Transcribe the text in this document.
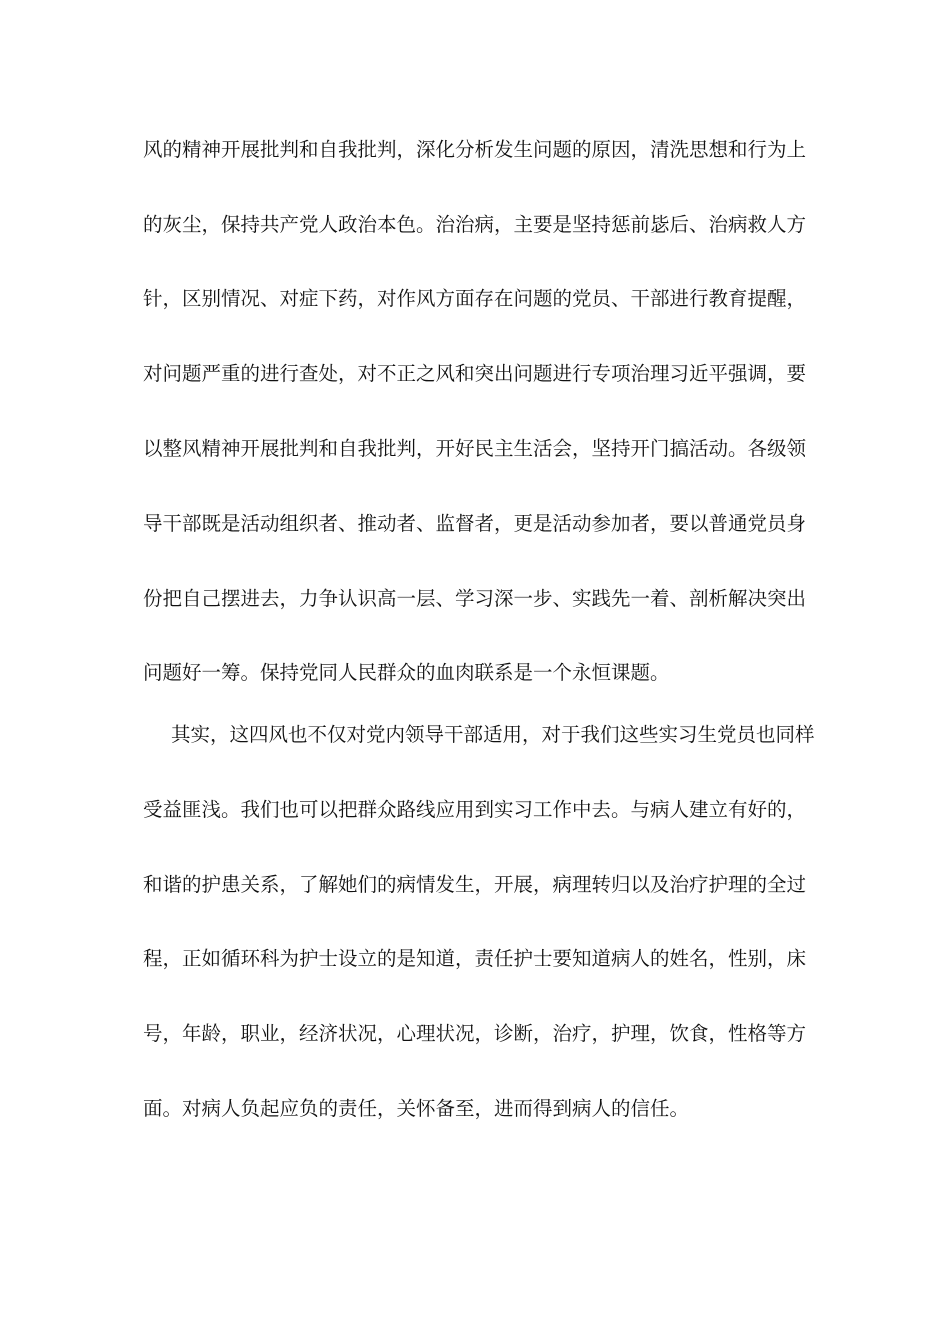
风的精神开展批判和自我批判，深化分析发生问题的原因，清洗思想和行为上
的灰尘，保持共产党人政治本色。治治病，主要是坚持惩前毖后、治病救人方
针，区别情况、对症下药，对作风方面存在问题的党员、干部进行教育提醒，
对问题严重的进行查处，对不正之风和突出问题进行专项治理习近平强调，要
以整风精神开展批判和自我批判，开好民主生活会，坚持开门搞活动。各级领
导干部既是活动组织者、推动者、监督者，更是活动参加者，要以普通党员身
份把自己摆进去，力争认识高一层、学习深一步、实践先一着、剖析解决突出
问题好一筹。保持党同人民群众的血肉联系是一个永恒课题。
其实，这四风也不仅对党内领导干部适用，对于我们这些实习生党员也同样
受益匪浅。我们也可以把群众路线应用到实习工作中去。与病人建立有好的，
和谐的护患关系，了解她们的病情发生，开展，病理转归以及治疗护理的全过
程，正如循环科为护士设立的是知道，责任护士要知道病人的姓名，性别，床
号，年龄，职业，经济状况，心理状况，诊断，治疗，护理，饮食，性格等方
面。对病人负起应负的责任，关怀备至，进而得到病人的信任。
